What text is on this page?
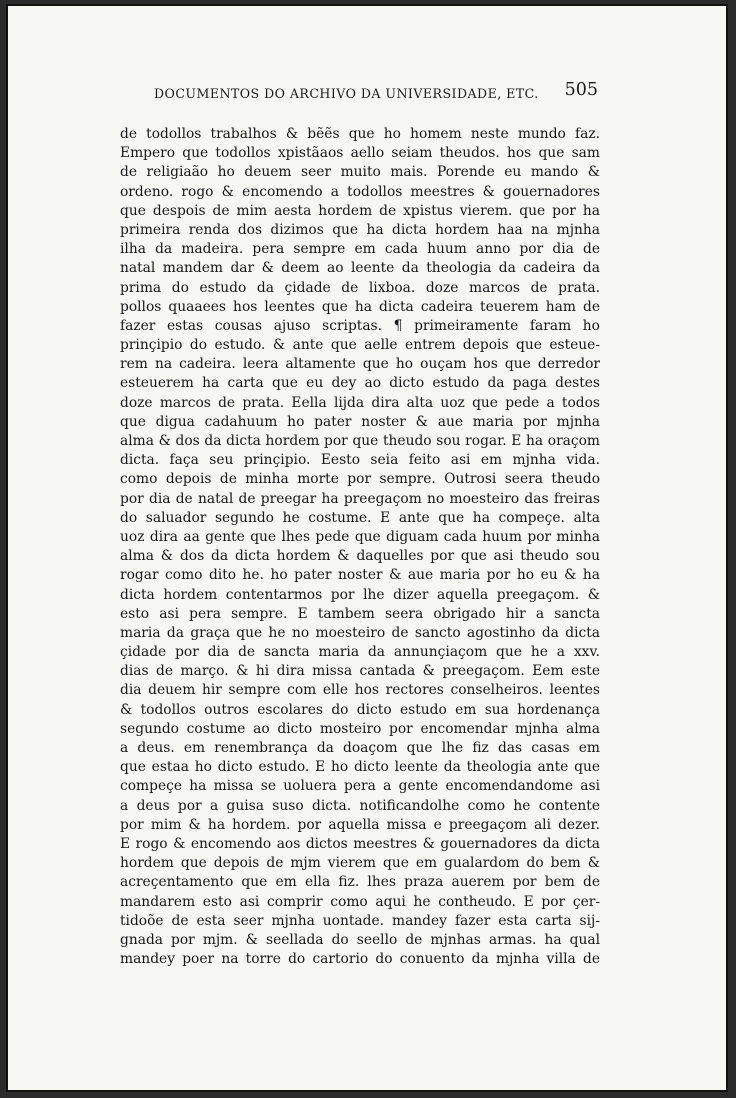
DOCUMENTOS DO ARCHIVO DA UNIVERSIDADE, ETC. 505
de todollos trabalhos & bẽẽs que ho homem neste mundo faz.
Empero que todollos xpistãaos aello seiam theudos. hos que sam
de religiaão ho deuem seer muito mais. Porende eu mando &
ordeno. rogo & encomendo a todollos meestres & gouernadores
que despois de mim aesta hordem de xpistus vierem. que por ha
primeira renda dos dizimos que ha dicta hordem haa na mjnha
ilha da madeira. pera sempre em cada huum anno por dia de
natal mandem dar & deem ao leente da theologia da cadeira da
prima do estudo da çidade de lixboa. doze marcos de prata.
pollos quaaees hos leentes que ha dicta cadeira teuerem ham de
fazer estas cousas ajuso scriptas. ¶ primeiramente faram ho
prinçipio do estudo. & ante que aelle entrem depois que esteue-
rem na cadeira. leera altamente que ho ouçam hos que derredor
esteuerem ha carta que eu dey ao dicto estudo da paga destes
doze marcos de prata. Eella lijda dira alta uoz que pede a todos
que digua cadahuum ho pater noster & aue maria por mjnha
alma & dos da dicta hordem por que theudo sou rogar. E ha oraçom
dicta. faça seu prinçipio. Eesto seia feito asi em mjnha vida.
como depois de minha morte por sempre. Outrosi seera theudo
por dia de natal de preegar ha preegaçom no moesteiro das freiras
do saluador segundo he costume. E ante que ha compeçe. alta
uoz dira aa gente que lhes pede que diguam cada huum por minha
alma & dos da dicta hordem & daquelles por que asi theudo sou
rogar como dito he. ho pater noster & aue maria por ho eu & ha
dicta hordem contentarmos por lhe dizer aquella preegaçom. &
esto asi pera sempre. E tambem seera obrigado hir a sancta
maria da graça que he no moesteiro de sancto agostinho da dicta
çidade por dia de sancta maria da annunçiaçom que he a xxv.
dias de março. & hi dira missa cantada & preegaçom. Eem este
dia deuem hir sempre com elle hos rectores conselheiros. leentes
& todollos outros escolares do dicto estudo em sua hordenança
segundo costume ao dicto mosteiro por encomendar mjnha alma
a deus. em renembrança da doaçom que lhe fiz das casas em
que estaa ho dicto estudo. E ho dicto leente da theologia ante que
compeçe ha missa se uoluera pera a gente encomendandome asi
a deus por a guisa suso dicta. notificandolhe como he contente
por mim & ha hordem. por aquella missa e preegaçom ali dezer.
E rogo & encomendo aos dictos meestres & gouernadores da dicta
hordem que depois de mjm vierem que em gualardom do bem &
acreçentamento que em ella fiz. lhes praza auerem por bem de
mandarem esto asi comprir como aqui he contheudo. E por çer-
tidoõe de esta seer mjnha uontade. mandey fazer esta carta sij-
gnada por mjm. & seellada do seello de mjnhas armas. ha qual
mandey poer na torre do cartorio do conuento da mjnha villa de
